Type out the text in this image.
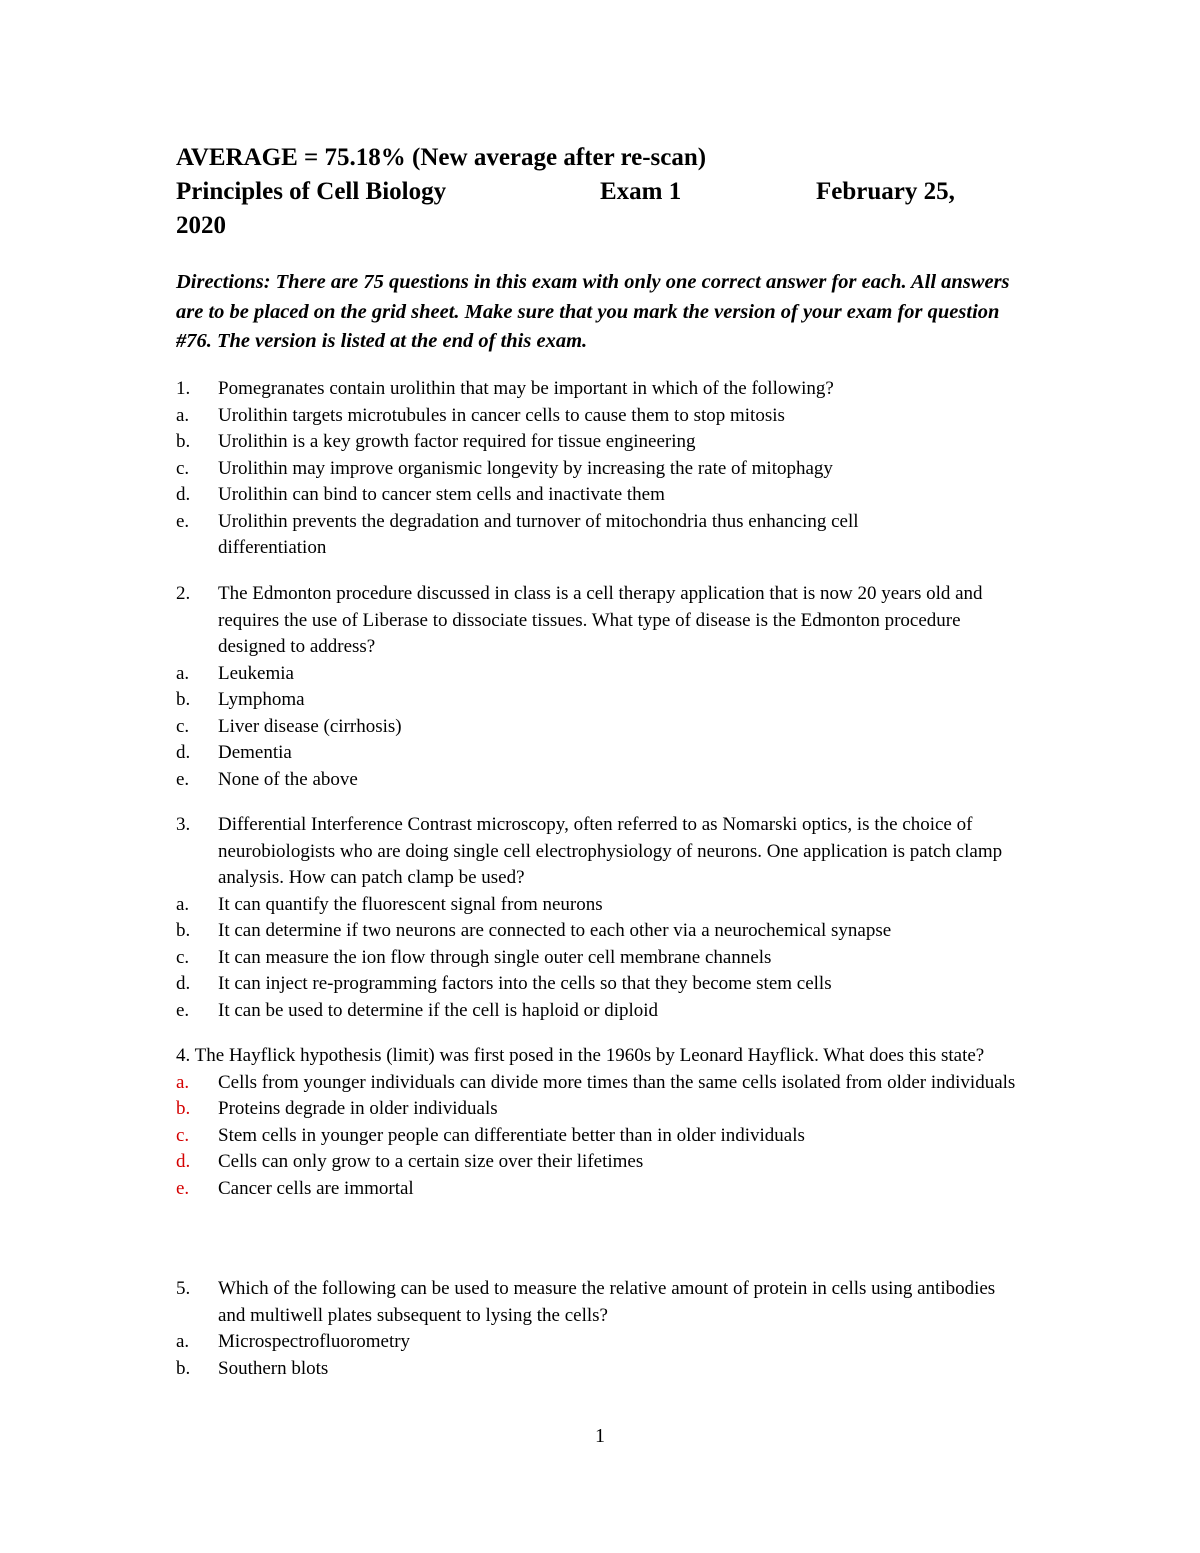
AVERAGE = 75.18% (New average after re-scan)
Principles of Cell Biology	Exam 1	February 25,
2020
Directions: There are 75 questions in this exam with only one correct answer for each. All answers are to be placed on the grid sheet. Make sure that you mark the version of your exam for question #76. The version is listed at the end of this exam.
1. Pomegranates contain urolithin that may be important in which of the following?
a. Urolithin targets microtubules in cancer cells to cause them to stop mitosis
b. Urolithin is a key growth factor required for tissue engineering
c. Urolithin may improve organismic longevity by increasing the rate of mitophagy
d. Urolithin can bind to cancer stem cells and inactivate them
e. Urolithin prevents the degradation and turnover of mitochondria thus enhancing cell differentiation
2. The Edmonton procedure discussed in class is a cell therapy application that is now 20 years old and requires the use of Liberase to dissociate tissues. What type of disease is the Edmonton procedure designed to address?
a. Leukemia
b. Lymphoma
c. Liver disease (cirrhosis)
d. Dementia
e. None of the above
3. Differential Interference Contrast microscopy, often referred to as Nomarski optics, is the choice of neurobiologists who are doing single cell electrophysiology of neurons. One application is patch clamp analysis. How can patch clamp be used?
a. It can quantify the fluorescent signal from neurons
b. It can determine if two neurons are connected to each other via a neurochemical synapse
c. It can measure the ion flow through single outer cell membrane channels
d. It can inject re-programming factors into the cells so that they become stem cells
e. It can be used to determine if the cell is haploid or diploid
4. The Hayflick hypothesis (limit) was first posed in the 1960s by Leonard Hayflick. What does this state?
a. Cells from younger individuals can divide more times than the same cells isolated from older individuals
b. Proteins degrade in older individuals
c. Stem cells in younger people can differentiate better than in older individuals
d. Cells can only grow to a certain size over their lifetimes
e. Cancer cells are immortal
5. Which of the following can be used to measure the relative amount of protein in cells using antibodies and multiwell plates subsequent to lysing the cells?
a. Microspectrofluorometry
b. Southern blots
1
